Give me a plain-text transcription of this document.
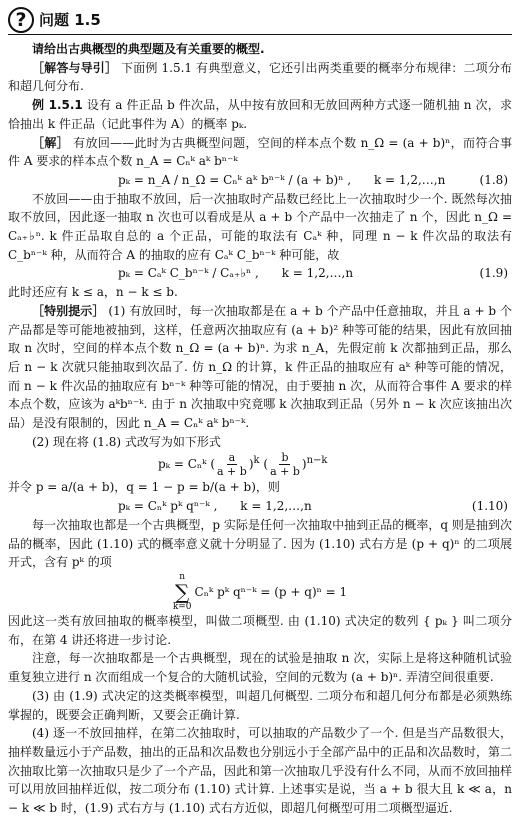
? 问题 1.5

请给出古典概型的典型题及有关重要的概型.

［解答与导引］ 下面例 1.5.1 有典型意义，它还引出两类重要的概率分布规律：二项分布和超几何分布.

例 1.5.1 设有 a 件正品 b 件次品，从中按有放回和无放回两种方式逐一随机抽 n 次，求恰抽出 k 件正品（记此事件为 A）的概率 pₖ.

［解］ 有放回——此时为古典概型问题，空间的样本点个数 n_Ω = (a + b)ⁿ，而符合事件 A 要求的样本点个数 n_A = Cₙᵏ aᵏ bⁿ⁻ᵏ

pₖ = n_A / n_Ω = Cₙᵏ aᵏ bⁿ⁻ᵏ / (a + b)ⁿ , k = 1,2,…,n	(1.8)

不放回——由于抽取不放回，后一次抽取时产品数已经比上一次抽取时少一个. 既然每次抽取不放回，因此逐一抽取 n 次也可以看成是从 a + b 个产品中一次抽走了 n 个，因此 n_Ω = Cₐ₊♭ⁿ. k 件正品取自总的 a 个正品，可能的取法有 Cₐᵏ 种，同理 n − k 件次品的取法有 C_bⁿ⁻ᵏ 种，从而符合 A 的抽取的应有 Cₐᵏ C_bⁿ⁻ᵏ 种可能，故

pₖ = Cₐᵏ C_bⁿ⁻ᵏ / Cₐ₊♭ⁿ , k = 1,2,…,n	(1.9)

此时还应有 k ≤ a，n − k ≤ b.

［特别提示］ (1) 有放回时，每一次抽取都是在 a + b 个产品中任意抽取，并且 a + b 个产品都是等可能地被抽到，这样，任意两次抽取应有 (a + b)² 种等可能的结果，因此有放回抽取 n 次时，空间的样本点个数 n_Ω = (a + b)ⁿ. 为求 n_A，先假定前 k 次都抽到正品，那么后 n − k 次就只能抽取到次品了. 仿 n_Ω 的计算，k 件正品的抽取应有 aᵏ 种等可能的情况，而 n − k 件次品的抽取应有 bⁿ⁻ᵏ 种等可能的情况，由于要抽 n 次，从而符合事件 A 要求的样本点个数，应该为 aᵏbⁿ⁻ᵏ. 由于 n 次抽取中究竟哪 k 次抽取到正品（另外 n − k 次应该抽出次品）是没有限制的，因此 n_A = Cₙᵏ aᵏ bⁿ⁻ᵏ.

(2) 现在将 (1.8) 式改写为如下形式

pₖ = Cₙᵏ ( $\frac{a}{a + b} )^k$ ( $\frac{b}{a + b} )^{n-k}$

并令 p = a/(a + b)，q = 1 − p = b/(a + b)，则

pₖ = Cₙᵏ pᵏ qⁿ⁻ᵏ , k = 1,2,…,n	(1.10)

每一次抽取也都是一个古典概型，p 实际是任何一次抽取中抽到正品的概率，q 则是抽到次品的概率，因此 (1.10) 式的概率意义就十分明显了. 因为 (1.10) 式右方是 (p + q)ⁿ 的二项展开式，含有 pᵏ 的项

n
∑
k=0
Cₙᵏ pᵏ qⁿ⁻ᵏ = (p + q)ⁿ = 1

因此这一类有放回抽取的概率模型，叫做二项概型. 由 (1.10) 式决定的数列 { pₖ } 叫二项分布，在第 4 讲还将进一步讨论.

注意，每一次抽取都是一个古典概型，现在的试验是抽取 n 次，实际上是将这种随机试验重复独立进行 n 次而组成一个复合的大随机试验，空间的元数为 (a + b)ⁿ. 弄清空间很重要.

(3) 由 (1.9) 式决定的这类概率模型，叫超几何概型. 二项分布和超几何分布都是必须熟练掌握的，既要会正确判断，又要会正确计算.

(4) 逐一不放回抽样，在第二次抽取时，可以抽取的产品数少了一个. 但是当产品数很大，抽样数量远小于产品数，抽出的正品和次品数也分别远小于全部产品中的正品和次品数时，第二次抽取比第一次抽取只是少了一个产品，因此和第一次抽取几乎没有什么不同，从而不放回抽样可以用放回抽样近似，按二项分布 (1.10) 式计算. 上述事实是说，当 a + b 很大且 k ≪ a，n − k ≪ b 时，(1.9) 式右方与 (1.10) 式右方近似，即超几何概型可用二项概型逼近.
